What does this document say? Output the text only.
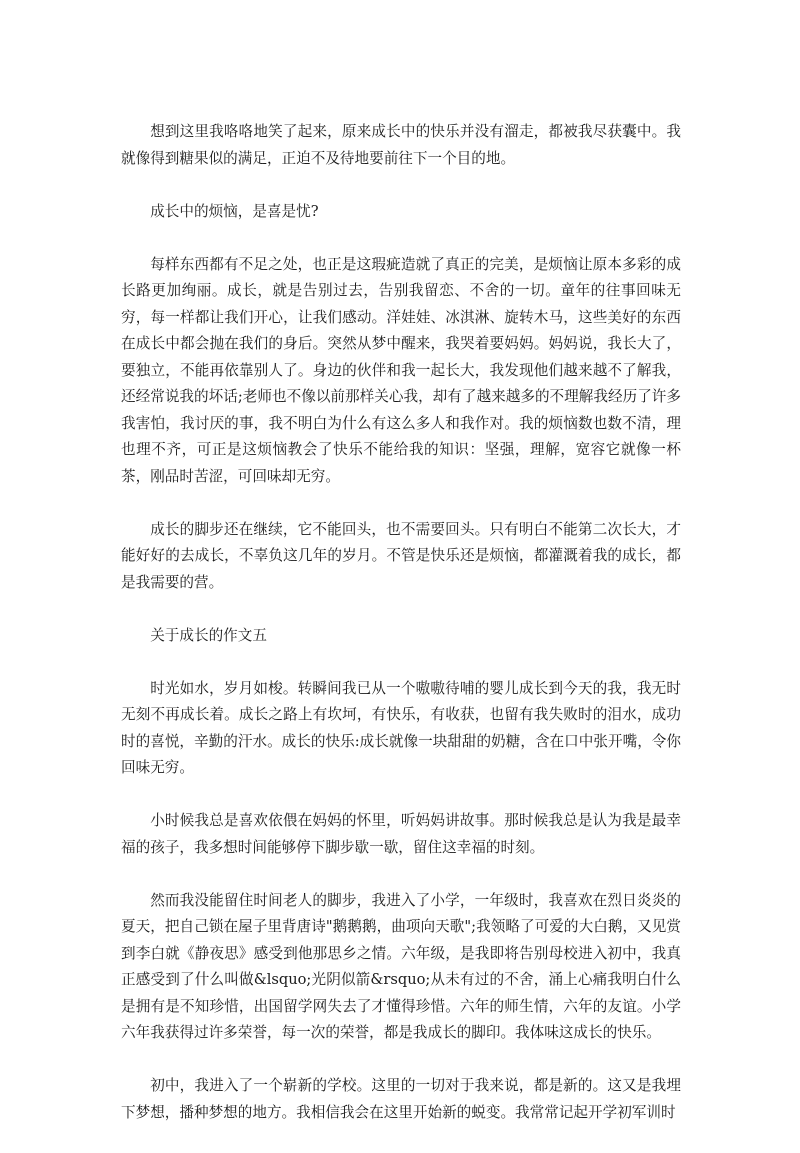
想到这里我咯咯地笑了起来，原来成长中的快乐并没有溜走，都被我尽获囊中。我就像得到糖果似的满足，正迫不及待地要前往下一个目的地。

成长中的烦恼，是喜是忧?

每样东西都有不足之处，也正是这瑕疵造就了真正的完美，是烦恼让原本多彩的成长路更加绚丽。成长，就是告别过去，告别我留恋、不舍的一切。童年的往事回味无穷，每一样都让我们开心，让我们感动。洋娃娃、冰淇淋、旋转木马，这些美好的东西在成长中都会抛在我们的身后。突然从梦中醒来，我哭着要妈妈。妈妈说，我长大了，要独立，不能再依靠别人了。身边的伙伴和我一起长大，我发现他们越来越不了解我，还经常说我的坏话;老师也不像以前那样关心我，却有了越来越多的不理解我经历了许多我害怕，我讨厌的事，我不明白为什么有这么多人和我作对。我的烦恼数也数不清，理也理不齐，可正是这烦恼教会了快乐不能给我的知识：坚强，理解，宽容它就像一杯茶，刚品时苦涩，可回味却无穷。

成长的脚步还在继续，它不能回头，也不需要回头。只有明白不能第二次长大，才能好好的去成长，不辜负这几年的岁月。不管是快乐还是烦恼，都灌溉着我的成长，都是我需要的营。

关于成长的作文五

时光如水，岁月如梭。转瞬间我已从一个嗷嗷待哺的婴儿成长到今天的我，我无时无刻不再成长着。成长之路上有坎坷，有快乐，有收获，也留有我失败时的泪水，成功时的喜悦，辛勤的汗水。成长的快乐:成长就像一块甜甜的奶糖，含在口中张开嘴，令你回味无穷。

小时候我总是喜欢依偎在妈妈的怀里，听妈妈讲故事。那时候我总是认为我是最幸福的孩子，我多想时间能够停下脚步歇一歇，留住这幸福的时刻。

然而我没能留住时间老人的脚步，我进入了小学，一年级时，我喜欢在烈日炎炎的夏天，把自己锁在屋子里背唐诗"鹅鹅鹅，曲项向天歌";我领略了可爱的大白鹅，又见赏到李白就《静夜思》感受到他那思乡之情。六年级，是我即将告别母校进入初中，我真正感受到了什么叫做&lsquo;光阴似箭&rsquo;从未有过的不舍，涌上心痛我明白什么是拥有是不知珍惜，出国留学网失去了才懂得珍惜。六年的师生情，六年的友谊。小学六年我获得过许多荣誉，每一次的荣誉，都是我成长的脚印。我体味这成长的快乐。

初中，我进入了一个崭新的学校。这里的一切对于我来说，都是新的。这又是我埋下梦想，播种梦想的地方。我相信我会在这里开始新的蜕变。我常常记起开学初军训时
